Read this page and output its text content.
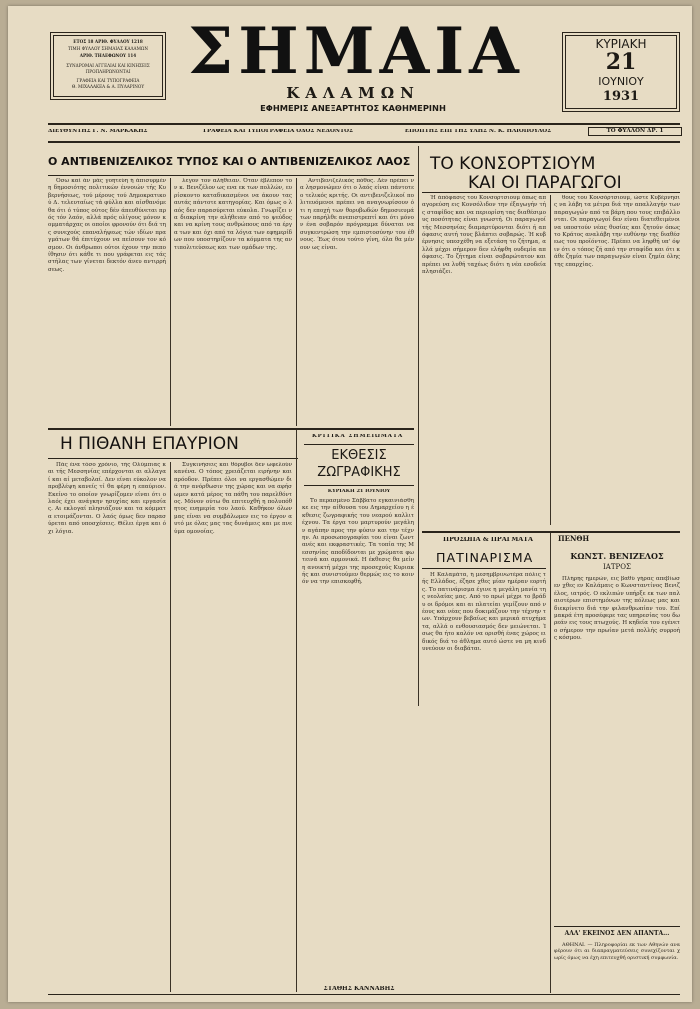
ΕΤΟΣ 18 ΑΡΙΘ. ΦΥΛΛΟΥ 1218
ΤΙΜΗ ΦΥΛΛΟΥ ΣΗΜΑΙΑΣ ΚΑΛΑΜΩΝ
ΑΡΙΘ. ΤΗΛΕΦΩΝΟΥ 114
ΣΥΝΔΡΟΜΑΙ ΑΓΓΕΛΙΑΙ ΚΑΙ ΚΙΝΗΣΕΙΣ
ΠΡΟΠΛΗΡΩΝΟΝΤΑΙ
ΓΡΑΦΕΙΑ ΚΑΙ ΤΥΠΟΓΡΑΦΕΙΑ
Θ. ΜΙΧΑΛΑΚΕΑ & Α. ΠΥΛΑΡΙΝΟΥ ΣΗΜΑΙΑ
ΚΑΛΑΜΩΝ
ΕΦΗΜΕΡΙΣ ΑΝΕΞΑΡΤΗΤΟΣ ΚΑΘΗΜΕΡΙΝΗ
ΚΥΡΙΑΚΗ
21
ΙΟΥΝΙΟΥ
1931
ΔΙΕΥΘΥΝΤΗΣ Γ. Ν. ΜΑΡΚΑΚΗΣ	ΓΡΑΦΕΙΑ ΚΑΙ ΤΥΠΟΓΡΑΦΕΙΑ ΟΔΟΣ ΝΕΔΟΝΤΟΣ	ΕΠΟΠΤΗΣ ΕΠΙ ΤΗΣ ΥΛΗΣ Ν. Κ. ΗΛΙΟΠΟΥΛΟΣ	ΤΟ ΦΥΛΛΟΝ ΔΡ. 1
Ο ΑΝΤΙΒΕΝΙΖΕΛΙΚΟΣ ΤΥΠΟΣ ΚΑΙ Ο ΑΝΤΙΒΕΝΙΖΕΛΙΚΟΣ ΛΑΟΣ

Όσω καί άν μάς γοητεύη ή άπισυρμένη δημοσιότης πολιτικών έννοιών τής Κυβερνήσεως, τού μέρους τού Δημοκρατικού Δ. τελευταίως τά φύλλα και αίσθανόμεθα ότι ό τύπος ούτος δέν άπευθύνεται πρός τόν λαόν, αλλά πρός ολίγους μόνον κομματάρχας οι οποίοι φρονούν ότι διά της συνεχούς επαναλήψεως τών ιδίων πραγμάτων θά έπιτύχουν να πείσουν τον κόσμον. Οι άνθρωποι ούτοι έχουν την πεποίθησιν ότι κάθε τι που γράφεται εις τάς στήλας των γίνεται δεκτόν άνευ αντιρρήσεως.

λεγον τον αλήθειαν. Όταν έβλεπον τον κ. Βενιζέλον ως ενα εκ των πολλών, ευρίσκοντο καταδικασμένοι να άκουν τας αυτάς πάντοτε κατηγορίας. Και όμως ο λαός δεν παρασύρεται εύκολα. Γνωρίζει να διακρίνη την αλήθειαν από το ψεύδος και να κρίνη τους ανθρώπους από τα έργα των και όχι από τα λόγια των εφημερίδων που υποστηρίζουν τα κόμματα της αντιπολιτεύσεως και των ομάδων της.

Αντιβενιζελικός πόθος. Δέν πρέπει να λησμονώμεν ότι ο λαός είναι πάντοτε ο τελικός κριτής. Οι αντιβενιζελικοί πολιτευόμενοι πρέπει να αναγνωρίσουν ότι η εποχή των θορυβωδών δημοσιευμάτων παρήλθε ανεπιστρεπτί και ότι μόνον ένα σοβαρόν πρόγραμμα δύναται να συγκεντρώση την εμπιστοσύνην του έθνους. Έως ότου τούτο γίνη, όλα θα μένουν ως είναι.

ΤΟ ΚΟΝΣΟΡΤΣΙΟΥΜ
ΚΑΙ ΟΙ ΠΑΡΑΓΩΓΟΙ

Ή άπόφασις του Κονσορτσιουμ όπως απαγορεύση εις Κονσόλιδον την έξαγωγήν τής σταφίδος και να περιορίση τας διαθέσιμους ποσότητας είναι γνωστή. Οι παραγωγοί τής Μεσσηνίας διαμαρτύρονται διότι ή απόφασις αυτή τους βλάπτει σοβαρώς. Ή κυβέρνησις υπεσχέθη να εξετάση το ζήτημα, αλλά μέχρι σήμερον δεν ελήφθη ουδεμία απόφασις. Το ζήτημα είναι σοβαρώτατον και πρέπει να λυθή ταχέως διότι η νέα εσοδεία πλησιάζει.

θους του Κονσόρτσιουμ, ώστε Κυβέρνησις να λάβη τα μέτρα διά την απαλλαγήν των παραγωγών από τα βάρη που τους επιβάλλονται. Οι παραγωγοί δεν είναι διατεθειμένοι να υποστούν νέας θυσίας και ζητούν όπως το Κράτος αναλάβη την ευθύνην της διαθέσεως του προϊόντος. Πρέπει να ληφθή υπ' όψιν ότι ο τόπος ζή από την σταφίδα και ότι κάθε ζημία των παραγωγών είναι ζημία όλης της επαρχίας.

Η ΠΙΘΑΝΗ ΕΠΑΥΡΙΟΝ

Πάς ένα τόσο χρόνιο, τής Ολύμπιας και τής Μεσσηνίας επέρχονται αι αλλαγαί και αί μεταβολαί. Δεν είναι εύκολον να προβλέψη κανείς τί θα φέρη η επαύριον. Εκείνο το οποίον γνωρίζομεν είναι ότι ο λαός έχει ανάγκην ησυχίας και εργασίας. Αι εκλογαί πλησιάζουν και τα κόμματα ετοιμάζονται. Ο λαός όμως δεν παρασύρεται από υποσχέσεις. Θέλει έργα και όχι λόγια.

Συγκινήσεις και θόρυβοι δεν ωφελούν κανένα. Ο τόπος χρειάζεται ειρήνην και πρόοδον. Πρέπει όλοι να εργασθώμεν διά την ανόρθωσιν της χώρας και να αφήσωμεν κατά μέρος τα πάθη του παρελθόντος. Μόνον ούτω θα επιτευχθή η πολυπόθητος ευημερία του λαού. Καθήκον όλων μας είναι να συμβάλωμεν εις το έργον αυτό με όλας μας τας δυνάμεις και με πνεύμα ομονοίας.

ΚΡΙΤΙΚΑ ΣΗΜΕΙΩΜΑΤΑ
ΕΚΘΕΣΙΣ ΖΩΓΡΑΦΙΚΗΣ
ΚΥΡΙΑΚΗ 21 ΙΟΥΝΙΟΥ

Το περασμένο Σάββατο εγκαινιάσθηκε εις την αίθουσα του Δημαρχείου η έκθεσις ζωγραφικής του νεαρού καλλιτέχνου. Τα έργα του μαρτυρούν μεγάλην αγάπην προς την φύσιν και την τέχνην. Αι προσωπογραφίαι του είναι ζωντανές και εκφραστικές. Τα τοπία της Μεσσηνίας αποδίδονται με χρώματα φωτεινά και αρμονικά. Η έκθεσις θα μείνη ανοικτή μέχρι της προσεχούς Κυριακής και συνιστούμεν θερμώς εις το κοινόν να την επισκεφθή.

ΣΤΑΘΗΣ ΚΑΝΝΑΒΗΣ
ΠΡΟΣΩΠΑ & ΠΡΑΓΜΑΤΑ
ΠΑΤΙΝΑΡΙΣΜΑ

Η Καλαμάτα, ή μεσημβρινωτέρα πόλις τής Ελλάδος, έζησε χθες μίαν ημέραν εορτής. Το πατινάρισμα έγινε η μεγάλη μανία της νεολαίας μας. Από το πρωί μέχρι το βράδυ οι δρόμοι και αι πλατείαι γεμίζουν από νέους και νέας που δοκιμάζουν την τέχνην των. Υπάρχουν βεβαίως και μερικά ατυχήματα, αλλά ο ενθουσιασμός δεν μειώνεται. Ίσως θα ήτο καλόν να ορισθή ένας χώρος ειδικός διά το άθλημα αυτό ώστε να μη κινδυνεύουν οι διαβάται.

ΠΕΝΘΗ
ΚΩΝΣΤ. ΒΕΝΙΖΕΛΟΣ
ΙΑΤΡΟΣ

Πλήρης ημερών, εις βαθύ γήρας απεβίωσεν χθες εν Καλάμαις ο Κωνσταντίνος Βενιζέλος, ιατρός. Ο εκλιπών υπήρξε εκ των παλαιοτέρων επιστημόνων της πόλεως μας και διεκρίνετο διά την φιλανθρωπίαν του. Επί μακρά έτη προσέφερε τας υπηρεσίας του δωρεάν εις τους πτωχούς. Η κηδεία του εγένετο σήμερον την πρωίαν μετά πολλής συρροής κόσμου.

ΑΛΛ' ΕΚΕΙΝΟΣ ΔΕΝ ΑΠΑΝΤΑ...

ΑΘΗΝΑΙ. — Πληροφορίαι εκ των Αθηνών αναφέρουν ότι αι διαπραγματεύσεις συνεχίζονται χωρίς όμως να έχη επιτευχθή οριστική συμφωνία.
